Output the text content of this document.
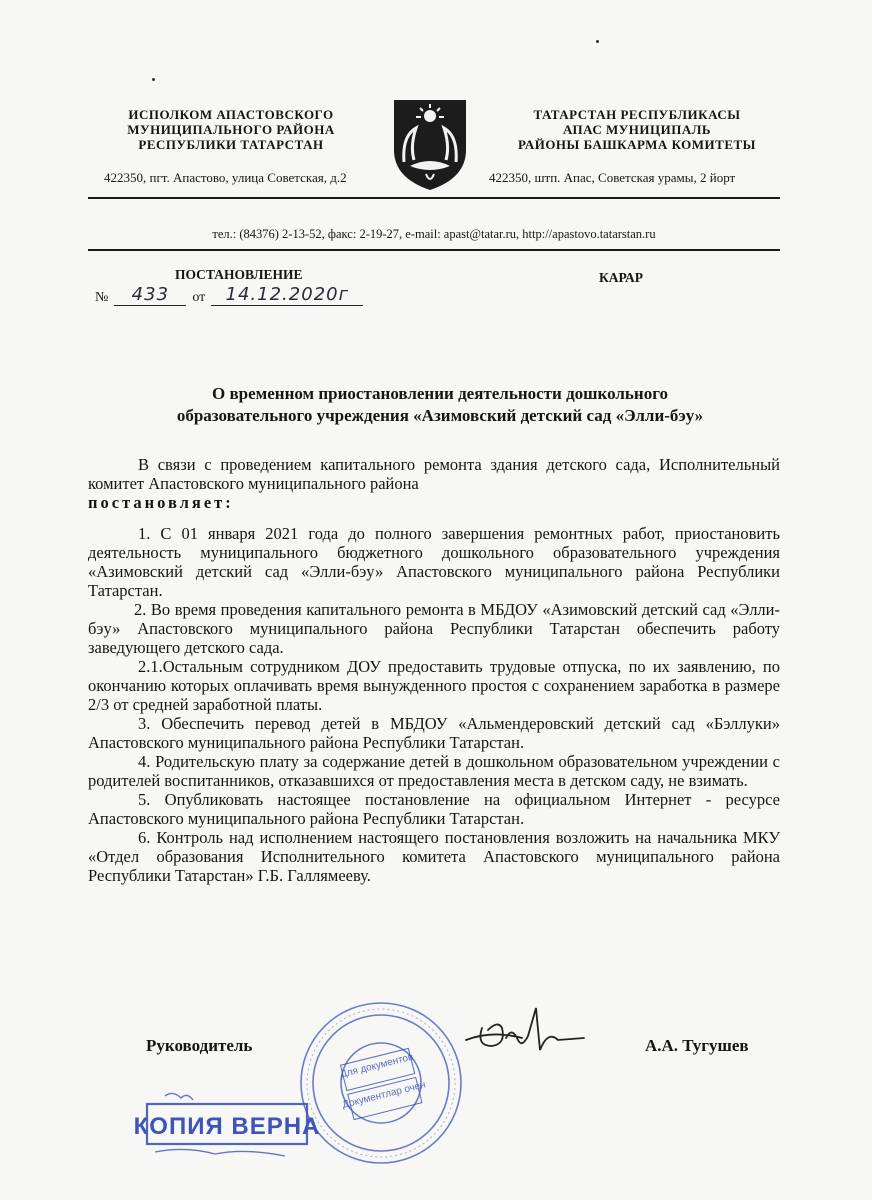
ИСПОЛКОМ АПАСТОВСКОГО
МУНИЦИПАЛЬНОГО РАЙОНА
РЕСПУБЛИКИ ТАТАРСТАН
ТАТАРСТАН РЕСПУБЛИКАСЫ
АПАС МУНИЦИПАЛЬ
РАЙОНЫ БАШКАРМА КОМИТЕТЫ
422350, пгт. Апастово, улица Советская, д.2	422350, штп. Апас, Советская урамы, 2 йорт
тел.: (84376) 2-13-52, факс: 2-19-27, e-mail: apast@tatar.ru, http://apastovo.tatarstan.ru
ПОСТАНОВЛЕНИЕ	КАРАР
№	433	от	14.12.2020г
О временном приостановлении деятельности дошкольного
образовательного учреждения «Азимовский детский сад «Элли-бэу»

В связи с проведением капитального ремонта здания детского сада, Исполнительный комитет Апастовского муниципального района

постановляет:

1. С 01 января 2021 года до полного завершения ремонтных работ, приостановить деятельность муниципального бюджетного дошкольного образовательного учреждения «Азимовский детский сад «Элли-бэу» Апастовского муниципального района Республики Татарстан.

2. Во время проведения капитального ремонта в МБДОУ «Азимовский детский сад «Элли-бэу» Апастовского муниципального района Республики Татарстан обеспечить работу заведующего детского сада.

2.1.Остальным сотрудником ДОУ предоставить трудовые отпуска, по их заявлению, по окончанию которых оплачивать время вынужденного простоя с сохранением заработка в размере 2/3 от средней заработной платы.

3. Обеспечить перевод детей в МБДОУ «Альмендеровский детский сад «Бэллуки» Апастовского муниципального района Республики Татарстан.

4. Родительскую плату за содержание детей в дошкольном образовательном учреждении с родителей воспитанников, отказавшихся от предоставления места в детском саду, не взимать.

5. Опубликовать настоящее постановление на официальном Интернет - ресурсе Апастовского муниципального района Республики Татарстан.

6. Контроль над исполнением настоящего постановления возложить на начальника МКУ «Отдел образования Исполнительного комитета Апастовского муниципального района Республики Татарстан» Г.Б. Галлямееву.

Руководитель	А.А. Тугушев
Для документов
Документлар очен
КОПИЯ ВЕРНА
